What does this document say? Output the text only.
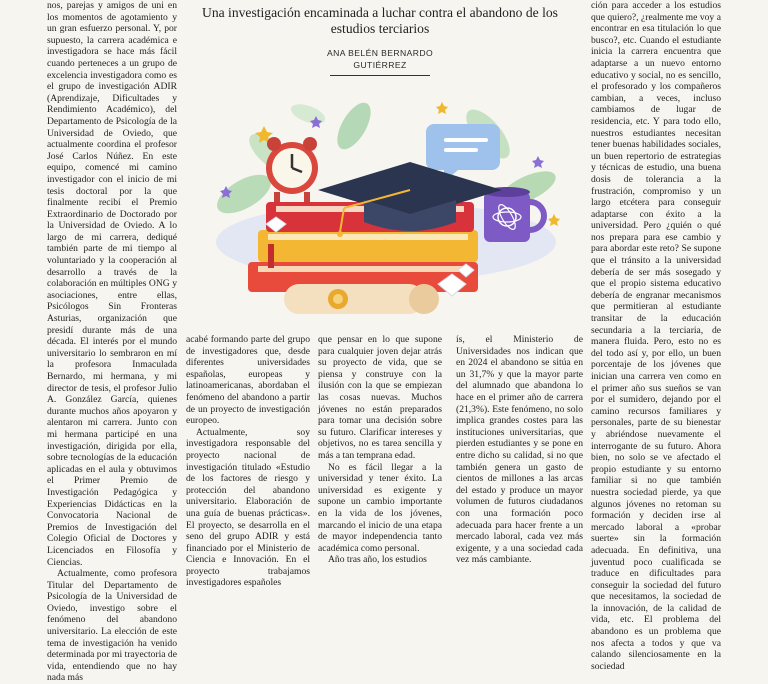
nos, parejas y amigos de uni en los momentos de agotamiento y un gran esfuerzo personal. Y, por supuesto, la carrera académica e investigadora se hace más fácil cuando perteneces a un grupo de excelencia investigadora como es el grupo de investigación ADIR (Aprendizaje, Dificultades y Rendimiento Académico), del Departamento de Psicología de la Universidad de Oviedo, que actualmente coordina el profesor José Carlos Núñez. En este equipo, comencé mi camino investigador con el inicio de mi tesis doctoral por la que finalmente recibí el Premio Extraordinario de Doctorado por la Universidad de Oviedo. A lo largo de mi carrera, dediqué también parte de mi tiempo al voluntariado y la cooperación al desarrollo a través de la colaboración en múltiples ONG y asociaciones, entre ellas, Psicólogos Sin Fronteras Asturias, organización que presidí durante más de una década. El interés por el mundo universitario lo sembraron en mí la profesora Inmaculada Bernardo, mi hermana, y mi director de tesis, el profesor Julio A. González García, quienes durante muchos años apoyaron y alentaron mi carrera. Junto con mi hermana participé en una investigación, dirigida por ella, sobre tecnologías de la educación aplicadas en el aula y obtuvimos el Primer Premio de Investigación Pedagógica y Experiencias Didácticas en la Convocatoria Nacional de Premios de Investigación del Colegio Oficial de Doctores y Licenciados en Filosofía y Ciencias.

Actualmente, como profesora Titular del Departamento de Psicología de la Universidad de Oviedo, investigo sobre el fenómeno del abandono universitario. La elección de este tema de investigación ha venido determinada por mi trayectoria de vida, entendiendo que no hay nada más

Una investigación encaminada a luchar contra el abandono de los estudios terciarios
ANA BELÉN BERNARDO
GUTIÉRREZ

acabé formando parte del grupo de investigadores que, desde diferentes universidades españolas, europeas y latinoamericanas, abordaban el fenómeno del abandono a partir de un proyecto de investigación europeo.

Actualmente, soy investigadora responsable del proyecto nacional de investigación titulado «Estudio de los factores de riesgo y protección del abandono universitario. Elaboración de una guía de buenas prácticas». El proyecto, se desarrolla en el seno del grupo ADIR y está financiado por el Ministerio de Ciencia e Innovación. En el proyecto trabajamos investigadores españoles

que pensar en lo que supone para cualquier joven dejar atrás su proyecto de vida, que se piensa y construye con la ilusión con la que se empiezan las cosas nuevas. Muchos jóvenes no están preparados para tomar una decisión sobre su futuro. Clarificar intereses y objetivos, no es tarea sencilla y más a tan temprana edad.

No es fácil llegar a la universidad y tener éxito. La universidad es exigente y supone un cambio importante en la vida de los jóvenes, marcando el inicio de una etapa de mayor independencia tanto académica como personal.

Año tras año, los estudios

ís, el Ministerio de Universidades nos indican que en 2024 el abandono se sitúa en un 31,7% y que la mayor parte del alumnado que abandona lo hace en el primer año de carrera (21,3%). Este fenómeno, no solo implica grandes costes para las instituciones universitarias, que pierden estudiantes y se pone en entre dicho su calidad, si no que también genera un gasto de cientos de millones a las arcas del estado y produce un mayor volumen de futuros ciudadanos con una formación poco adecuada para hacer frente a un mercado laboral, cada vez más exigente, y a una sociedad cada vez más cambiante.

ción para acceder a los estudios que quiero?, ¿realmente me voy a encontrar en esa titulación lo que busco?, etc. Cuando el estudiante inicia la carrera encuentra que adaptarse a un nuevo entorno educativo y social, no es sencillo, el profesorado y los compañeros cambian, a veces, incluso cambiamos de lugar de residencia, etc. Y para todo ello, nuestros estudiantes necesitan tener buenas habilidades sociales, un buen repertorio de estrategias y técnicas de estudio, una buena dosis de tolerancia a la frustración, compromiso y un largo etcétera para conseguir adaptarse con éxito a la universidad. Pero ¿quién o qué nos prepara para ese cambio y para abordar este reto? Se supone que el tránsito a la universidad debería de ser más sosegado y que el propio sistema educativo debería de engranar mecanismos que permitieran al estudiante transitar de la educación secundaria a la terciaria, de manera fluida. Pero, esto no es del todo así y, por ello, un buen porcentaje de los jóvenes que inician una carrera ven como en el primer año sus sueños se van por el sumidero, dejando por el camino recursos familiares y personales, parte de su bienestar y abriéndose nuevamente el interrogante de su futuro. Ahora bien, no solo se ve afectado el propio estudiante y su entorno familiar si no que también nuestra sociedad pierde, ya que algunos jóvenes no retoman su formación y deciden irse al mercado laboral a «probar suerte» sin la formación adecuada. En definitiva, una juventud poco cualificada se traduce en dificultades para conseguir la sociedad del futuro que necesitamos, la sociedad de la innovación, de la calidad de vida, etc. El problema del abandono es un problema que nos afecta a todos y que va calando silenciosamente en la sociedad
